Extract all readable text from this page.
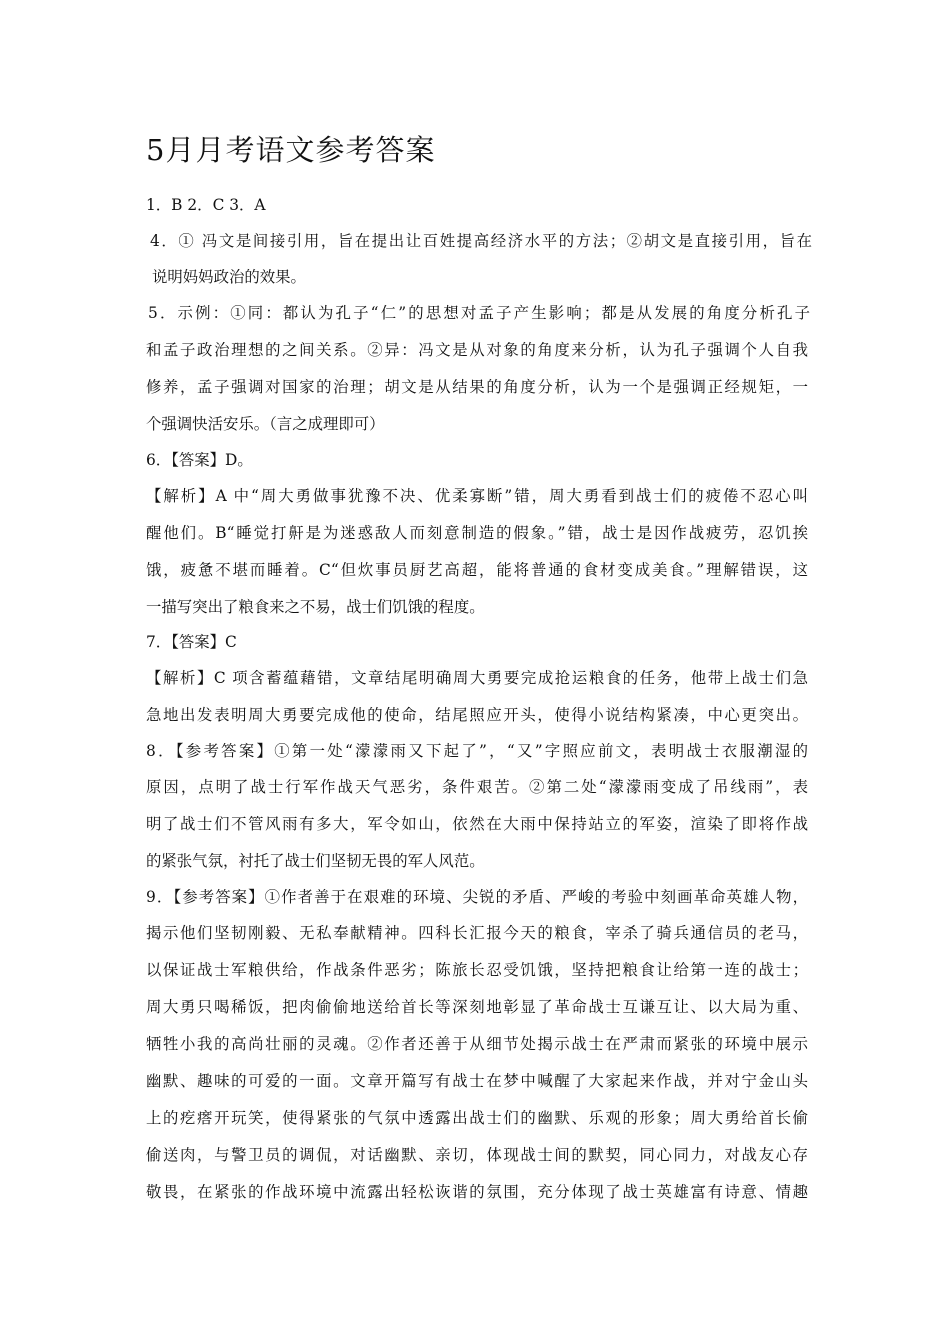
5月月考语文参考答案
1．B 2．C 3．A
4．① 冯文是间接引用，旨在提出让百姓提高经济水平的方法；②胡文是直接引用，旨在
说明妈妈政治的效果。
5．示例：①同：都认为孔子“仁”的思想对孟子产生影响；都是从发展的角度分析孔子
和孟子政治理想的之间关系。②异：冯文是从对象的角度来分析，认为孔子强调个人自我
修养，孟子强调对国家的治理；胡文是从结果的角度分析，认为一个是强调正经规矩，一
个强调快活安乐。（言之成理即可）
6．【答案】D。
【解析】A 中“周大勇做事犹豫不决、优柔寡断”错，周大勇看到战士们的疲倦不忍心叫
醒他们。B“睡觉打鼾是为迷惑敌人而刻意制造的假象。”错，战士是因作战疲劳，忍饥挨
饿，疲惫不堪而睡着。C“但炊事员厨艺高超，能将普通的食材变成美食。”理解错误，这
一描写突出了粮食来之不易，战士们饥饿的程度。
7．【答案】C
【解析】C 项含蓄蕴藉错，文章结尾明确周大勇要完成抢运粮食的任务，他带上战士们急
急地出发表明周大勇要完成他的使命，结尾照应开头，使得小说结构紧凑，中心更突出。
8．【参考答案】①第一处“濛濛雨又下起了”，“又”字照应前文，表明战士衣服潮湿的
原因，点明了战士行军作战天气恶劣，条件艰苦。②第二处“濛濛雨变成了吊线雨”，表
明了战士们不管风雨有多大，军令如山，依然在大雨中保持站立的军姿，渲染了即将作战
的紧张气氛，衬托了战士们坚韧无畏的军人风范。
9．【参考答案】①作者善于在艰难的环境、尖锐的矛盾、严峻的考验中刻画革命英雄人物，
揭示他们坚韧刚毅、无私奉献精神。四科长汇报今天的粮食，宰杀了骑兵通信员的老马，
以保证战士军粮供给，作战条件恶劣；陈旅长忍受饥饿，坚持把粮食让给第一连的战士；
周大勇只喝稀饭，把肉偷偷地送给首长等深刻地彰显了革命战士互谦互让、以大局为重、
牺牲小我的高尚壮丽的灵魂。②作者还善于从细节处揭示战士在严肃而紧张的环境中展示
幽默、趣味的可爱的一面。文章开篇写有战士在梦中喊醒了大家起来作战，并对宁金山头
上的疙瘩开玩笑，使得紧张的气氛中透露出战士们的幽默、乐观的形象；周大勇给首长偷
偷送肉，与警卫员的调侃，对话幽默、亲切，体现战士间的默契，同心同力，对战友心存
敬畏，在紧张的作战环境中流露出轻松诙谐的氛围，充分体现了战士英雄富有诗意、情趣
